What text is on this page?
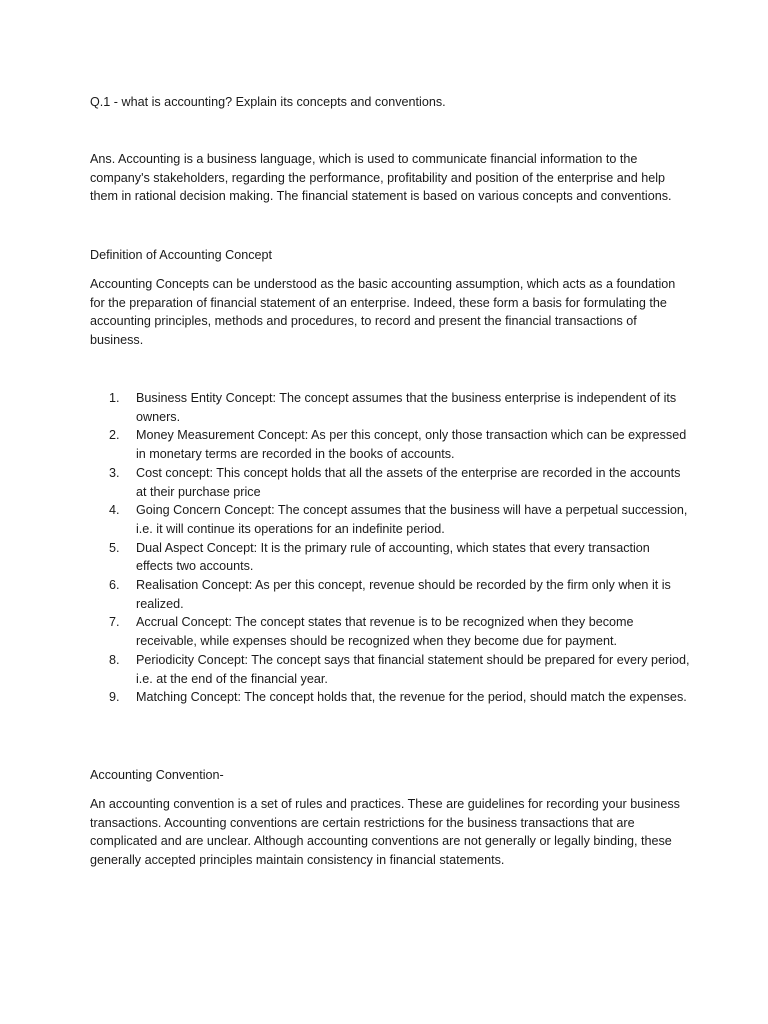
Q.1 - what is accounting? Explain its concepts and conventions.

Ans. Accounting is a business language, which is used to communicate financial information to the company's stakeholders, regarding the performance, profitability and position of the enterprise and help them in rational decision making. The financial statement is based on various concepts and conventions.

Definition of Accounting Concept

Accounting Concepts can be understood as the basic accounting assumption, which acts as a foundation for the preparation of financial statement of an enterprise. Indeed, these form a basis for formulating the accounting principles, methods and procedures, to record and present the financial transactions of business.

1. Business Entity Concept: The concept assumes that the business enterprise is independent of its owners.
2. Money Measurement Concept: As per this concept, only those transaction which can be expressed in monetary terms are recorded in the books of accounts.
3. Cost concept: This concept holds that all the assets of the enterprise are recorded in the accounts at their purchase price
4. Going Concern Concept: The concept assumes that the business will have a perpetual succession, i.e. it will continue its operations for an indefinite period.
5. Dual Aspect Concept: It is the primary rule of accounting, which states that every transaction effects two accounts.
6. Realisation Concept: As per this concept, revenue should be recorded by the firm only when it is realized.
7. Accrual Concept: The concept states that revenue is to be recognized when they become receivable, while expenses should be recognized when they become due for payment.
8. Periodicity Concept: The concept says that financial statement should be prepared for every period, i.e. at the end of the financial year.
9. Matching Concept: The concept holds that, the revenue for the period, should match the expenses.

Accounting Convention-

An accounting convention is a set of rules and practices. These are guidelines for recording your business transactions. Accounting conventions are certain restrictions for the business transactions that are complicated and are unclear. Although accounting conventions are not generally or legally binding, these generally accepted principles maintain consistency in financial statements.
